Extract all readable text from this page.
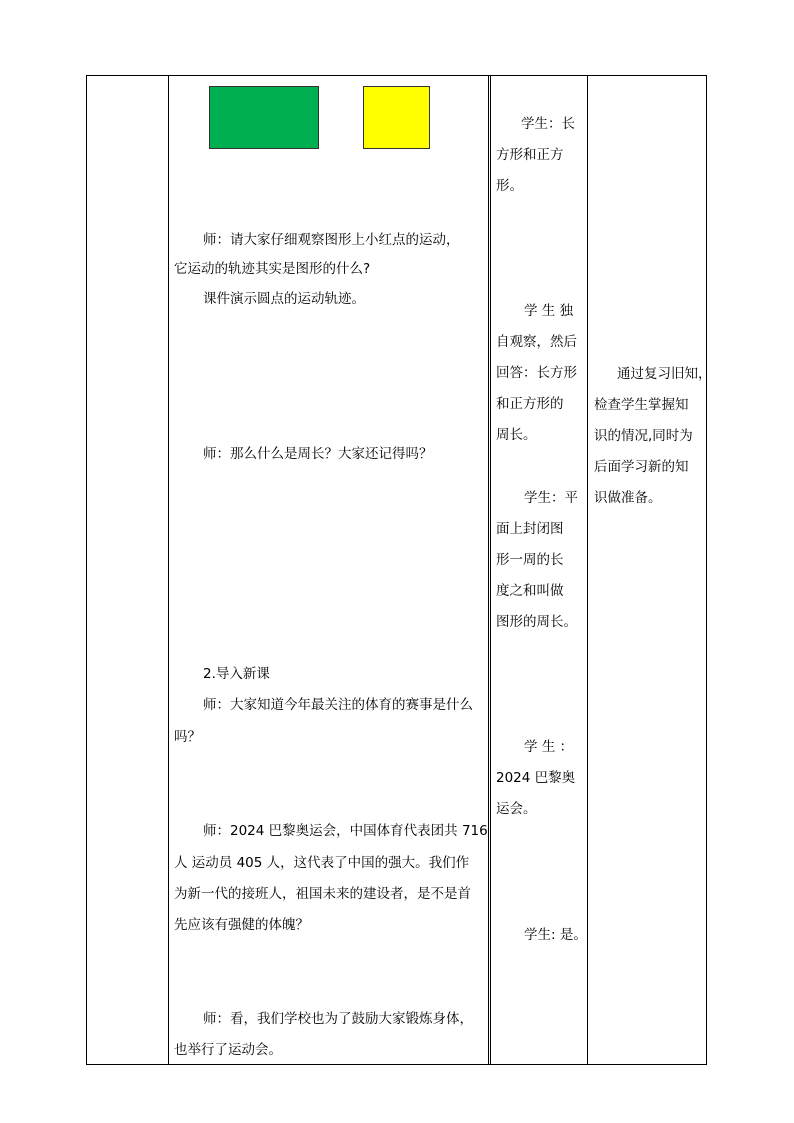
师：请大家仔细观察图形上小红点的运动，

它运动的轨迹其实是图形的什么?

课件演示圆点的运动轨迹。

师：那么什么是周长？大家还记得吗？

2.导入新课

师：大家知道今年最关注的体育的赛事是什么

吗？

师：2024 巴黎奥运会，中国体育代表团共 716

人 运动员 405 人，这代表了中国的强大。我们作

为新一代的接班人，祖国未来的建设者，是不是首

先应该有强健的体魄？

师：看，我们学校也为了鼓励大家锻炼身体，

也举行了运动会。

学生：长

方形和正方

形。

学 生 独

自观察，然后

回答：长方形

和正方形的

周长。

学生：平

面上封闭图

形一周的长

度之和叫做

图形的周长。

学 生 ：

2024 巴黎奥

运会。

学生: 是。

通过复习旧知，

检查学生掌握知

识的情况,同时为

后面学习新的知

识做准备。
